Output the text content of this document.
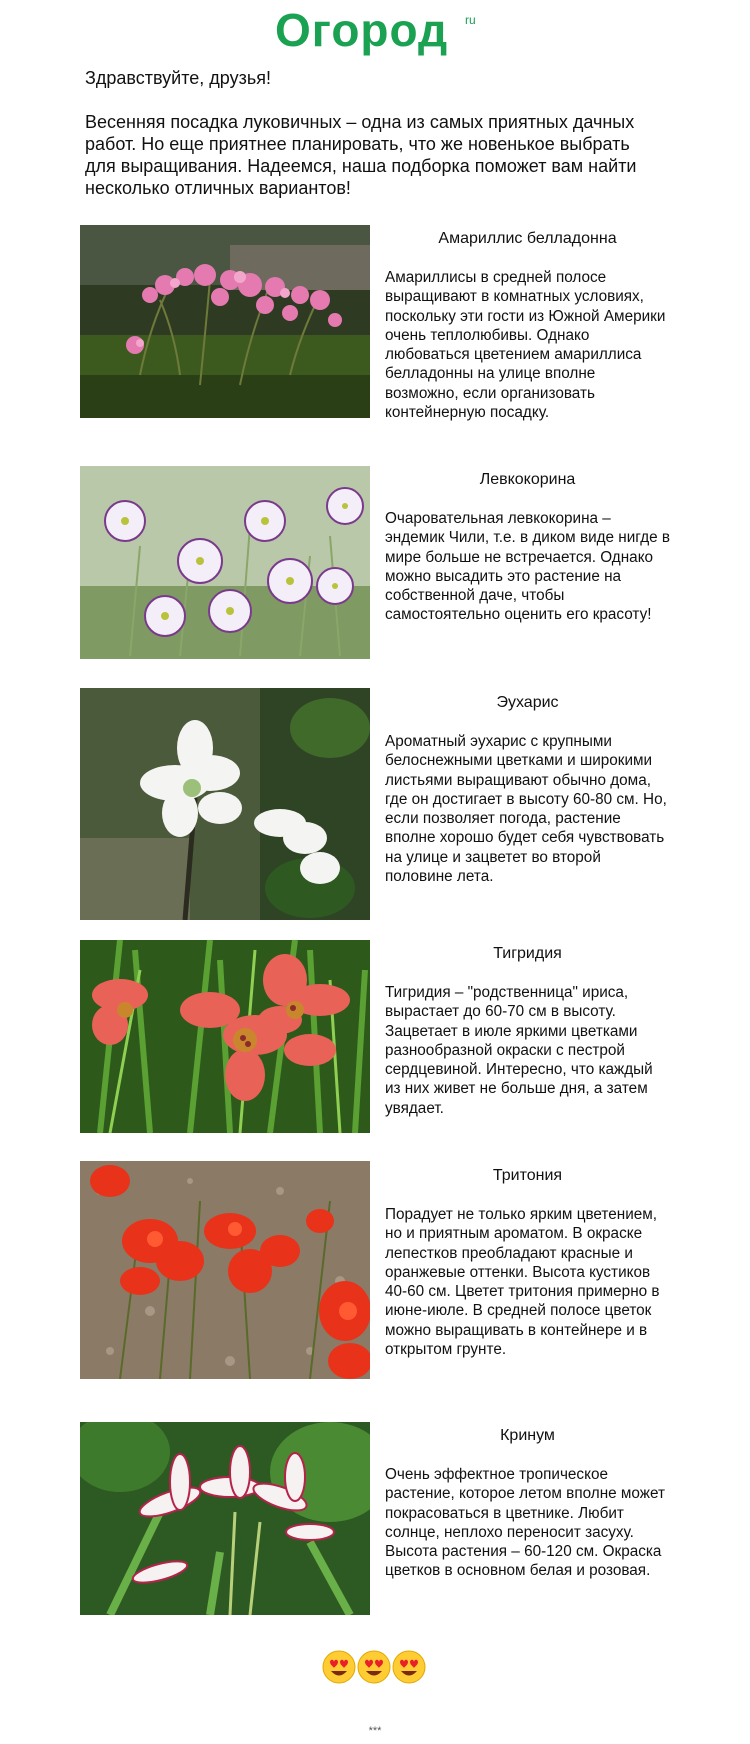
Огород ru

Здравствуйте, друзья!

Весенняя посадка луковичных – одна из самых приятных дачных работ. Но еще приятнее планировать, что же новенькое выбрать для выращивания. Надеемся, наша подборка поможет вам найти несколько отличных вариантов!

Амариллис белладонна

Амариллисы в средней полосе выращивают в комнатных условиях, поскольку эти гости из Южной Америки очень теплолюбивы. Однако любоваться цветением амариллиса белладонны на улице вполне возможно, если организовать контейнерную посадку.

Левкокорина

Очаровательная левкокорина – эндемик Чили, т.е. в диком виде нигде в мире больше не встречается. Однако можно высадить это растение на собственной даче, чтобы самостоятельно оценить его красоту!

Эухарис

Ароматный эухарис с крупными белоснежными цветками и широкими листьями выращивают обычно дома, где он достигает в высоту 60-80 см. Но, если позволяет погода, растение вполне хорошо будет себя чувствовать на улице и зацветет во второй половине лета.

Тигридия

Тигридия – "родственница" ириса, вырастает до 60-70 см в высоту. Зацветает в июле яркими цветками разнообразной окраски с пестрой сердцевиной. Интересно, что каждый из них живет не больше дня, а затем увядает.

Тритония

Порадует не только ярким цветением, но и приятным ароматом. В окраске лепестков преобладают красные и оранжевые оттенки. Высота кустиков 40-60 см. Цветет тритония примерно в июне-июле. В средней полосе цветок можно выращивать в контейнере и в открытом грунте.

Кринум

Очень эффектное тропическое растение, которое летом вполне может покрасоваться в цветнике. Любит солнце, неплохо переносит засуху. Высота растения – 60-120 см. Окраска цветков в основном белая и розовая.

***
